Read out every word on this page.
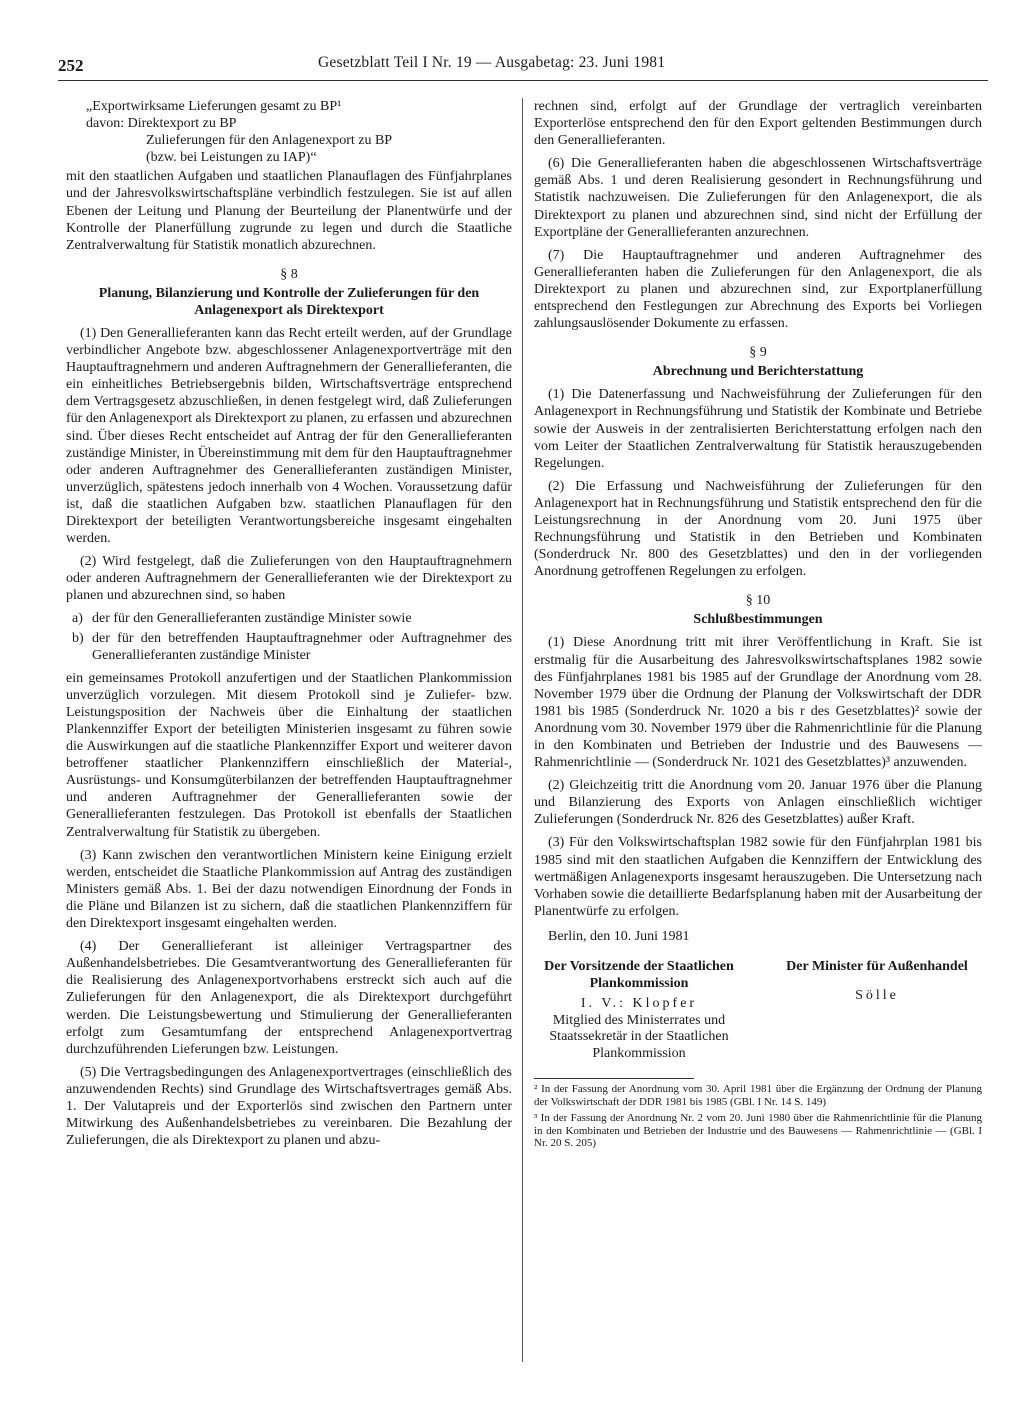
252	Gesetzblatt Teil I Nr. 19 — Ausgabetag: 23. Juni 1981
„Exportwirksame Lieferungen gesamt zu BP¹
davon: Direktexport zu BP
Zulieferungen für den Anlagenexport zu BP
(bzw. bei Leistungen zu IAP)“

mit den staatlichen Aufgaben und staatlichen Planauflagen des Fünfjahrplanes und der Jahresvolkswirtschaftspläne verbindlich festzulegen. Sie ist auf allen Ebenen der Leitung und Planung der Beurteilung der Planentwürfe und der Kontrolle der Planerfüllung zugrunde zu legen und durch die Staatliche Zentralverwaltung für Statistik monatlich abzurechnen.

§ 8
Planung, Bilanzierung und Kontrolle der Zulieferungen für den Anlagenexport als Direktexport

(1) Den Generallieferanten kann das Recht erteilt werden, auf der Grundlage verbindlicher Angebote bzw. abgeschlossener Anlagenexportverträge mit den Hauptauftragnehmern und anderen Auftragnehmern der Generallieferanten, die ein einheitliches Betriebsergebnis bilden, Wirtschaftsverträge entsprechend dem Vertragsgesetz abzuschließen, in denen festgelegt wird, daß Zulieferungen für den Anlagenexport als Direktexport zu planen, zu erfassen und abzurechnen sind. Über dieses Recht entscheidet auf Antrag der für den Generallieferanten zuständige Minister, in Übereinstimmung mit dem für den Hauptauftragnehmer oder anderen Auftragnehmer des Generallieferanten zuständigen Minister, unverzüglich, spätestens jedoch innerhalb von 4 Wochen. Voraussetzung dafür ist, daß die staatlichen Aufgaben bzw. staatlichen Planauflagen für den Direktexport der beteiligten Verantwortungsbereiche insgesamt eingehalten werden.

(2) Wird festgelegt, daß die Zulieferungen von den Hauptauftragnehmern oder anderen Auftragnehmern der Generallieferanten wie der Direktexport zu planen und abzurechnen sind, so haben

a) der für den Generallieferanten zuständige Minister sowie
b) der für den betreffenden Hauptauftragnehmer oder Auftragnehmer des Generallieferanten zuständige Minister

ein gemeinsames Protokoll anzufertigen und der Staatlichen Plankommission unverzüglich vorzulegen. Mit diesem Protokoll sind je Zuliefer- bzw. Leistungsposition der Nachweis über die Einhaltung der staatlichen Plankennziffer Export der beteiligten Ministerien insgesamt zu führen sowie die Auswirkungen auf die staatliche Plankennziffer Export und weiterer davon betroffener staatlicher Plankennziffern einschließlich der Material-, Ausrüstungs- und Konsumgüterbilanzen der betreffenden Hauptauftragnehmer und anderen Auftragnehmer der Generallieferanten sowie der Generallieferanten festzulegen. Das Protokoll ist ebenfalls der Staatlichen Zentralverwaltung für Statistik zu übergeben.

(3) Kann zwischen den verantwortlichen Ministern keine Einigung erzielt werden, entscheidet die Staatliche Plankommission auf Antrag des zuständigen Ministers gemäß Abs. 1. Bei der dazu notwendigen Einordnung der Fonds in die Pläne und Bilanzen ist zu sichern, daß die staatlichen Plankennziffern für den Direktexport insgesamt eingehalten werden.

(4) Der Generallieferant ist alleiniger Vertragspartner des Außenhandelsbetriebes. Die Gesamtverantwortung des Generallieferanten für die Realisierung des Anlagenexportvorhabens erstreckt sich auch auf die Zulieferungen für den Anlagenexport, die als Direktexport durchgeführt werden. Die Leistungsbewertung und Stimulierung der Generallieferanten erfolgt zum Gesamtumfang der entsprechend Anlagenexportvertrag durchzuführenden Lieferungen bzw. Leistungen.

(5) Die Vertragsbedingungen des Anlagenexportvertrages (einschließlich des anzuwendenden Rechts) sind Grundlage des Wirtschaftsvertrages gemäß Abs. 1. Der Valutapreis und der Exporterlös sind zwischen den Partnern unter Mitwirkung des Außenhandelsbetriebes zu vereinbaren. Die Bezahlung der Zulieferungen, die als Direktexport zu planen und abzu-

rechnen sind, erfolgt auf der Grundlage der vertraglich vereinbarten Exporterlöse entsprechend den für den Export geltenden Bestimmungen durch den Generallieferanten.

(6) Die Generallieferanten haben die abgeschlossenen Wirtschaftsverträge gemäß Abs. 1 und deren Realisierung gesondert in Rechnungsführung und Statistik nachzuweisen. Die Zulieferungen für den Anlagenexport, die als Direktexport zu planen und abzurechnen sind, sind nicht der Erfüllung der Exportpläne der Generallieferanten anzurechnen.

(7) Die Hauptauftragnehmer und anderen Auftragnehmer des Generallieferanten haben die Zulieferungen für den Anlagenexport, die als Direktexport zu planen und abzurechnen sind, zur Exportplanerfüllung entsprechend den Festlegungen zur Abrechnung des Exports bei Vorliegen zahlungsauslösender Dokumente zu erfassen.

§ 9
Abrechnung und Berichterstattung

(1) Die Datenerfassung und Nachweisführung der Zulieferungen für den Anlagenexport in Rechnungsführung und Statistik der Kombinate und Betriebe sowie der Ausweis in der zentralisierten Berichterstattung erfolgen nach den vom Leiter der Staatlichen Zentralverwaltung für Statistik herauszugebenden Regelungen.

(2) Die Erfassung und Nachweisführung der Zulieferungen für den Anlagenexport hat in Rechnungsführung und Statistik entsprechend den für die Leistungsrechnung in der Anordnung vom 20. Juni 1975 über Rechnungsführung und Statistik in den Betrieben und Kombinaten (Sonderdruck Nr. 800 des Gesetzblattes) und den in der vorliegenden Anordnung getroffenen Regelungen zu erfolgen.

§ 10
Schlußbestimmungen

(1) Diese Anordnung tritt mit ihrer Veröffentlichung in Kraft. Sie ist erstmalig für die Ausarbeitung des Jahresvolkswirtschaftsplanes 1982 sowie des Fünfjahrplanes 1981 bis 1985 auf der Grundlage der Anordnung vom 28. November 1979 über die Ordnung der Planung der Volkswirtschaft der DDR 1981 bis 1985 (Sonderdruck Nr. 1020 a bis r des Gesetzblattes)² sowie der Anordnung vom 30. November 1979 über die Rahmenrichtlinie für die Planung in den Kombinaten und Betrieben der Industrie und des Bauwesens — Rahmenrichtlinie — (Sonderdruck Nr. 1021 des Gesetzblattes)³ anzuwenden.

(2) Gleichzeitig tritt die Anordnung vom 20. Januar 1976 über die Planung und Bilanzierung des Exports von Anlagen einschließlich wichtiger Zulieferungen (Sonderdruck Nr. 826 des Gesetzblattes) außer Kraft.

(3) Für den Volkswirtschaftsplan 1982 sowie für den Fünfjahrplan 1981 bis 1985 sind mit den staatlichen Aufgaben die Kennziffern der Entwicklung des wertmäßigen Anlagenexports insgesamt herauszugeben. Die Untersetzung nach Vorhaben sowie die detaillierte Bedarfsplanung haben mit der Ausarbeitung der Planentwürfe zu erfolgen.

Berlin, den 10. Juni 1981

Der Vorsitzende der Staatlichen Plankommission
I. V.: Klopfer
Mitglied des Ministerrates und Staatssekretär in der Staatlichen Plankommission
Der Minister für Außenhandel
Sölle

² In der Fassung der Anordnung vom 30. April 1981 über die Ergänzung der Ordnung der Planung der Volkswirtschaft der DDR 1981 bis 1985 (GBl. I Nr. 14 S. 149)

³ In der Fassung der Anordnung Nr. 2 vom 20. Juni 1980 über die Rahmenrichtlinie für die Planung in den Kombinaten und Betrieben der Industrie und des Bauwesens — Rahmenrichtlinie — (GBl. I Nr. 20 S. 205)
